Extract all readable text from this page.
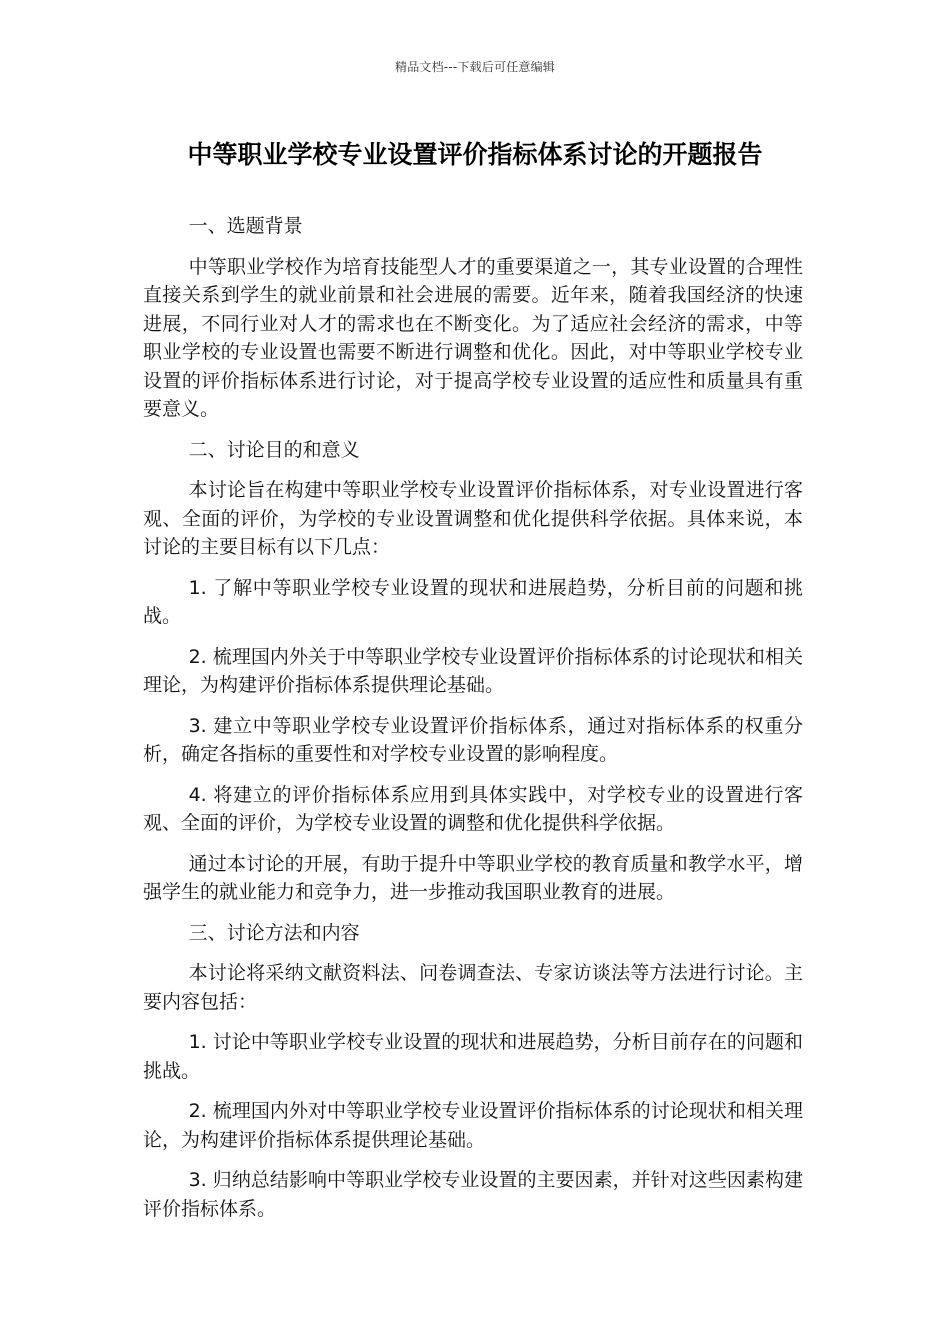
精品文档---下载后可任意编辑
中等职业学校专业设置评价指标体系讨论的开题报告

一、选题背景

中等职业学校作为培育技能型人才的重要渠道之一，其专业设置的合理性直接关系到学生的就业前景和社会进展的需要。近年来，随着我国经济的快速进展，不同行业对人才的需求也在不断变化。为了适应社会经济的需求，中等职业学校的专业设置也需要不断进行调整和优化。因此，对中等职业学校专业设置的评价指标体系进行讨论，对于提高学校专业设置的适应性和质量具有重要意义。

二、讨论目的和意义

本讨论旨在构建中等职业学校专业设置评价指标体系，对专业设置进行客观、全面的评价，为学校的专业设置调整和优化提供科学依据。具体来说，本讨论的主要目标有以下几点：

1. 了解中等职业学校专业设置的现状和进展趋势，分析目前的问题和挑战。

2. 梳理国内外关于中等职业学校专业设置评价指标体系的讨论现状和相关理论，为构建评价指标体系提供理论基础。

3. 建立中等职业学校专业设置评价指标体系，通过对指标体系的权重分析，确定各指标的重要性和对学校专业设置的影响程度。

4. 将建立的评价指标体系应用到具体实践中，对学校专业的设置进行客观、全面的评价，为学校专业设置的调整和优化提供科学依据。

通过本讨论的开展，有助于提升中等职业学校的教育质量和教学水平，增强学生的就业能力和竞争力，进一步推动我国职业教育的进展。

三、讨论方法和内容

本讨论将采纳文献资料法、问卷调查法、专家访谈法等方法进行讨论。主要内容包括：

1. 讨论中等职业学校专业设置的现状和进展趋势，分析目前存在的问题和挑战。

2. 梳理国内外对中等职业学校专业设置评价指标体系的讨论现状和相关理论，为构建评价指标体系提供理论基础。

3. 归纳总结影响中等职业学校专业设置的主要因素，并针对这些因素构建评价指标体系。
